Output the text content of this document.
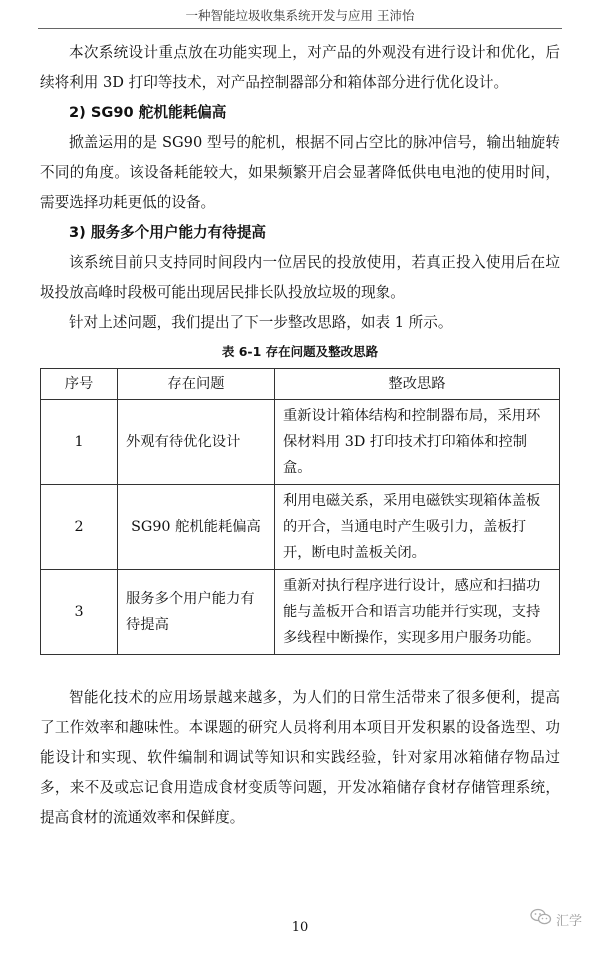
一种智能垃圾收集系统开发与应用 王沛怡

本次系统设计重点放在功能实现上，对产品的外观没有进行设计和优化，后续将利用 3D 打印等技术，对产品控制器部分和箱体部分进行优化设计。

2) SG90 舵机能耗偏高

掀盖运用的是 SG90 型号的舵机，根据不同占空比的脉冲信号，输出轴旋转不同的角度。该设备耗能较大，如果频繁开启会显著降低供电电池的使用时间，需要选择功耗更低的设备。

3) 服务多个用户能力有待提高

该系统目前只支持同时间段内一位居民的投放使用，若真正投入使用后在垃圾投放高峰时段极可能出现居民排长队投放垃圾的现象。

针对上述问题，我们提出了下一步整改思路，如表 1 所示。

表 6-1 存在问题及整改思路
序号	存在问题	整改思路
1	外观有待优化设计	重新设计箱体结构和控制器布局，采用环保材料用 3D 打印技术打印箱体和控制盒。
2	SG90 舵机能耗偏高	利用电磁关系，采用电磁铁实现箱体盖板的开合，当通电时产生吸引力，盖板打开，断电时盖板关闭。
3	服务多个用户能力有待提高	重新对执行程序进行设计，感应和扫描功能与盖板开合和语言功能并行实现，支持多线程中断操作，实现多用户服务功能。

智能化技术的应用场景越来越多，为人们的日常生活带来了很多便利，提高了工作效率和趣味性。本课题的研究人员将利用本项目开发积累的设备选型、功能设计和实现、软件编制和调试等知识和实践经验，针对家用冰箱储存物品过多，来不及或忘记食用造成食材变质等问题，开发冰箱储存食材存储管理系统，提高食材的流通效率和保鲜度。

10	汇学
